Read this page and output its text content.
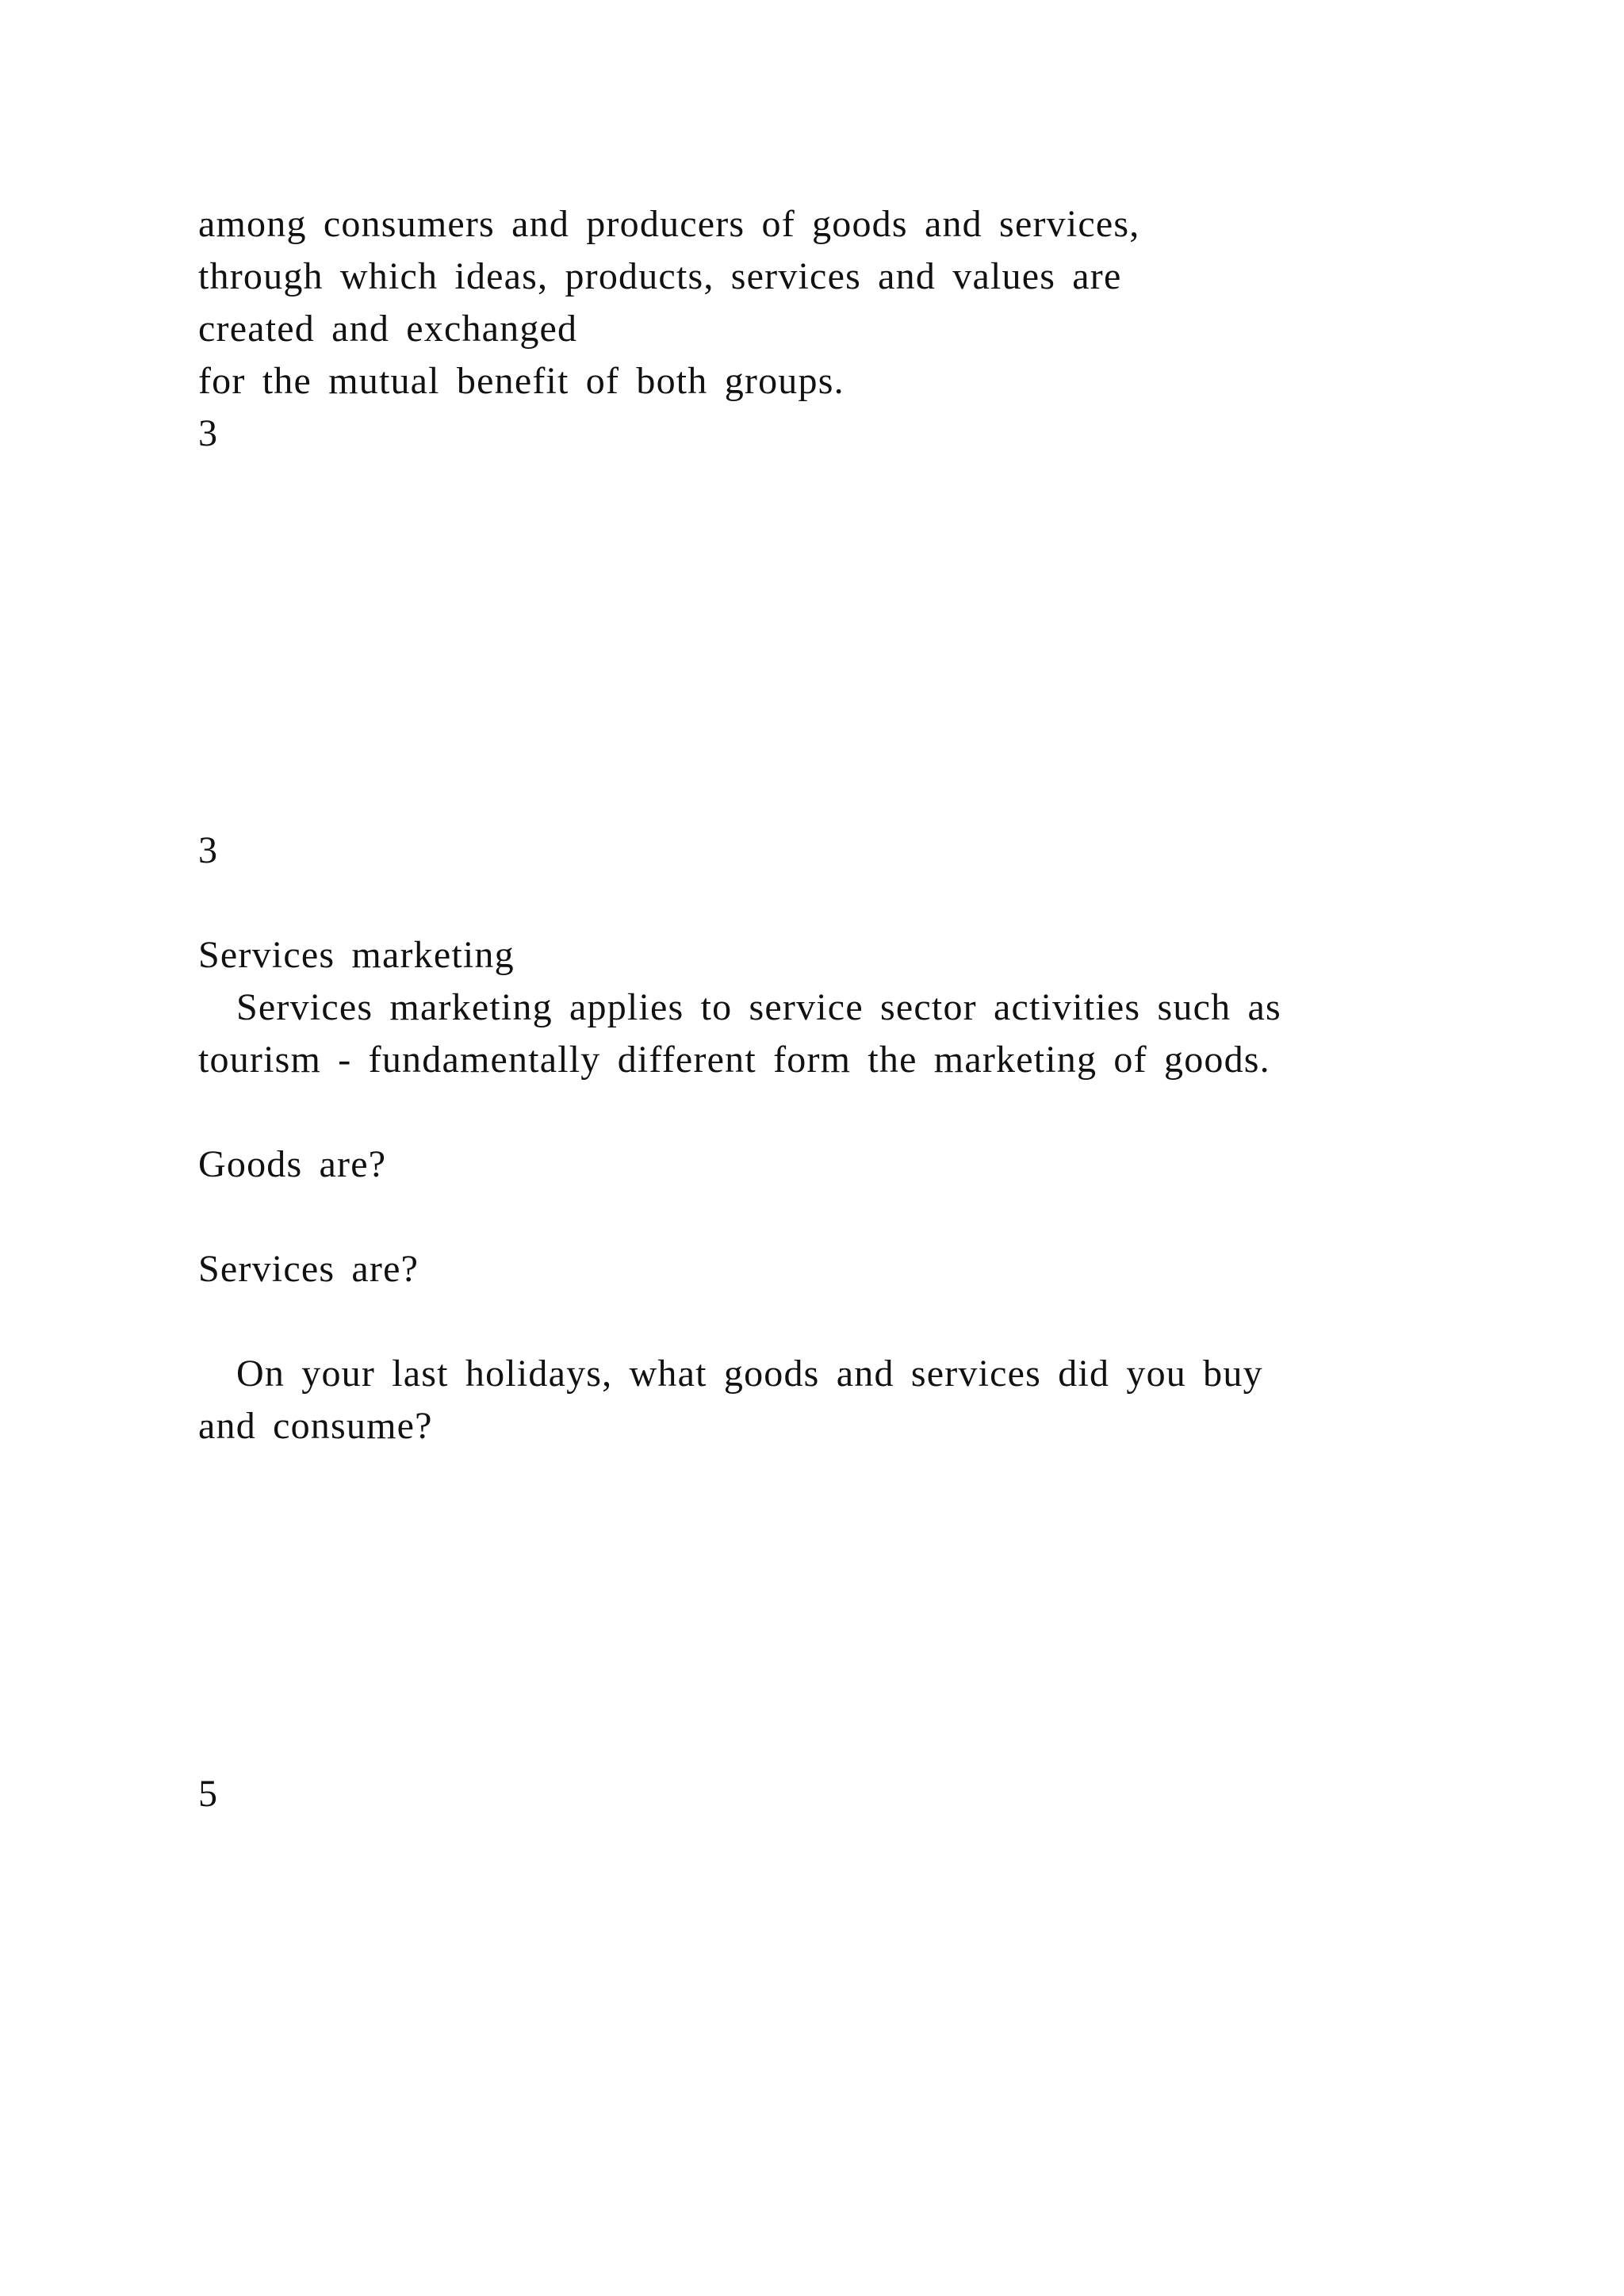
among consumers and producers of goods and services,

through which ideas, products, services and values are

created and exchanged

for the mutual benefit of both groups.

3

3

Services marketing

Services marketing applies to service sector activities such as

tourism - fundamentally different form the marketing of goods.

Goods are?

Services are?

On your last holidays, what goods and services did you buy

and consume?

5
